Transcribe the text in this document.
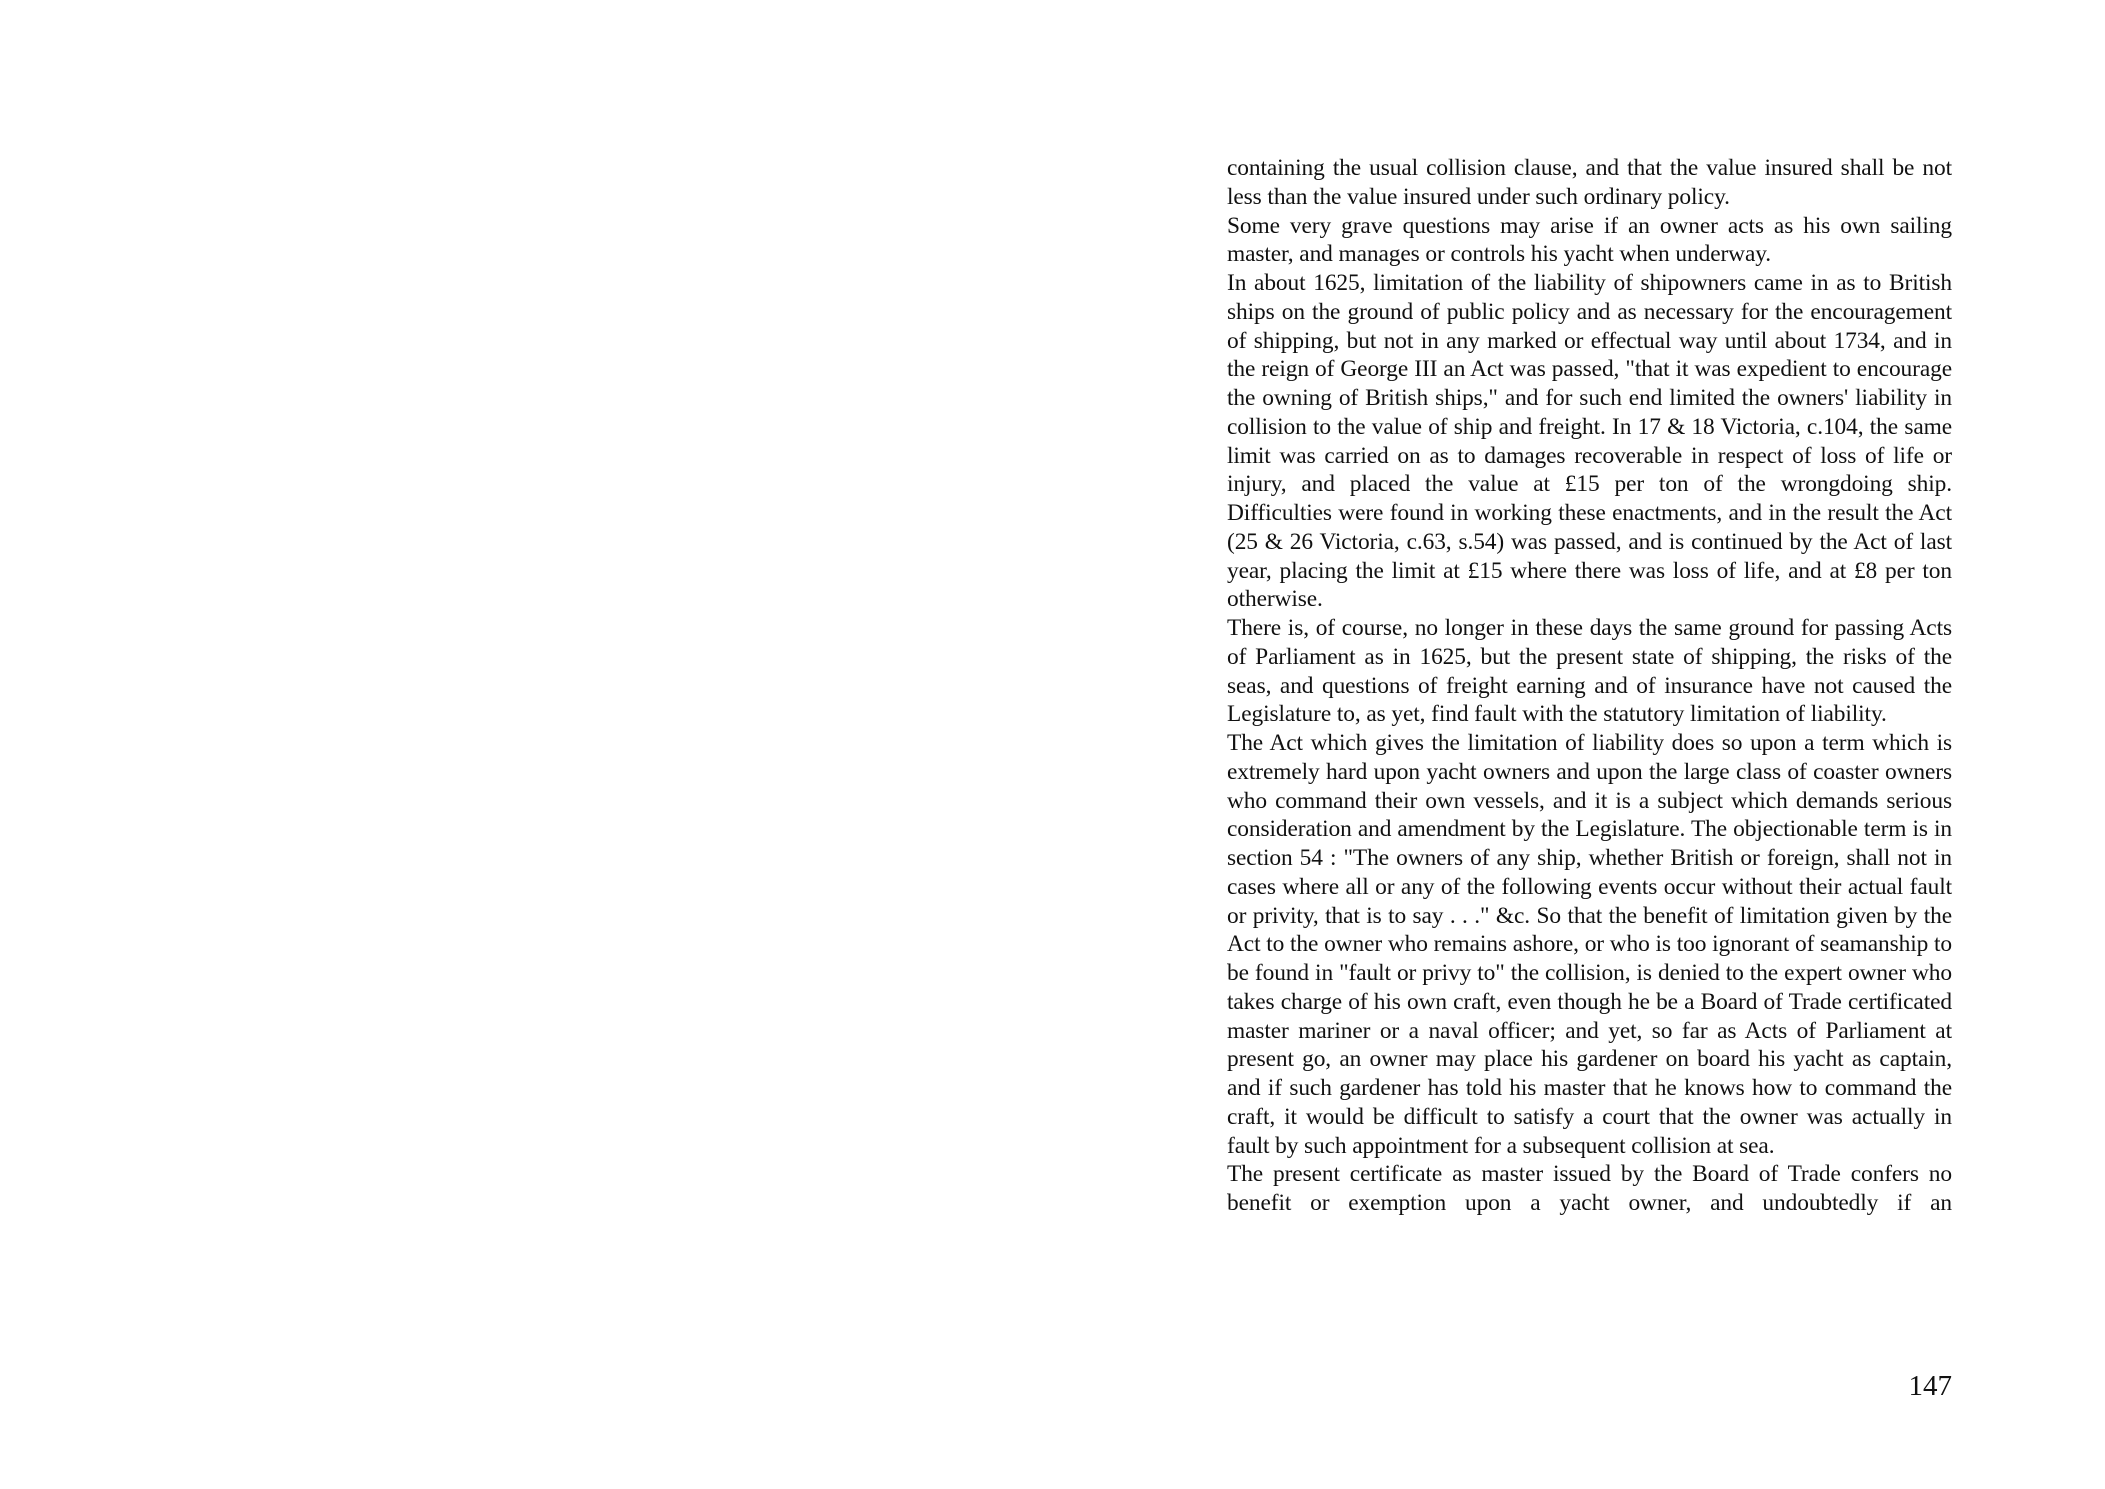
containing the usual collision clause, and that the value insured shall be not less than the value insured under such ordinary policy.

Some very grave questions may arise if an owner acts as his own sailing master, and manages or controls his yacht when underway.

In about 1625, limitation of the liability of shipowners came in as to British ships on the ground of public policy and as necessary for the encouragement of shipping, but not in any marked or effectual way until about 1734, and in the reign of George III an Act was passed, "that it was expedient to encourage the owning of British ships," and for such end limited the owners' liability in collision to the value of ship and freight. In 17 & 18 Victoria, c.104, the same limit was carried on as to damages recoverable in respect of loss of life or injury, and placed the value at £15 per ton of the wrongdoing ship. Difficulties were found in working these enactments, and in the result the Act (25 & 26 Victoria, c.63, s.54) was passed, and is continued by the Act of last year, placing the limit at £15 where there was loss of life, and at £8 per ton otherwise.

There is, of course, no longer in these days the same ground for passing Acts of Parliament as in 1625, but the present state of shipping, the risks of the seas, and questions of freight earning and of insurance have not caused the Legislature to, as yet, find fault with the statutory limitation of liability.

The Act which gives the limitation of liability does so upon a term which is extremely hard upon yacht owners and upon the large class of coaster owners who command their own vessels, and it is a subject which demands serious consideration and amendment by the Legislature. The objectionable term is in section 54 : "The owners of any ship, whether British or foreign, shall not in cases where all or any of the following events occur without their actual fault or privity, that is to say . . ." &c. So that the benefit of limitation given by the Act to the owner who remains ashore, or who is too ignorant of seamanship to be found in "fault or privy to" the collision, is denied to the expert owner who takes charge of his own craft, even though he be a Board of Trade certificated master mariner or a naval officer; and yet, so far as Acts of Parliament at present go, an owner may place his gardener on board his yacht as captain, and if such gardener has told his master that he knows how to command the craft, it would be difficult to satisfy a court that the owner was actually in fault by such appointment for a subsequent collision at sea.

The present certificate as master issued by the Board of Trade confers no benefit or exemption upon a yacht owner, and undoubtedly if an

147
